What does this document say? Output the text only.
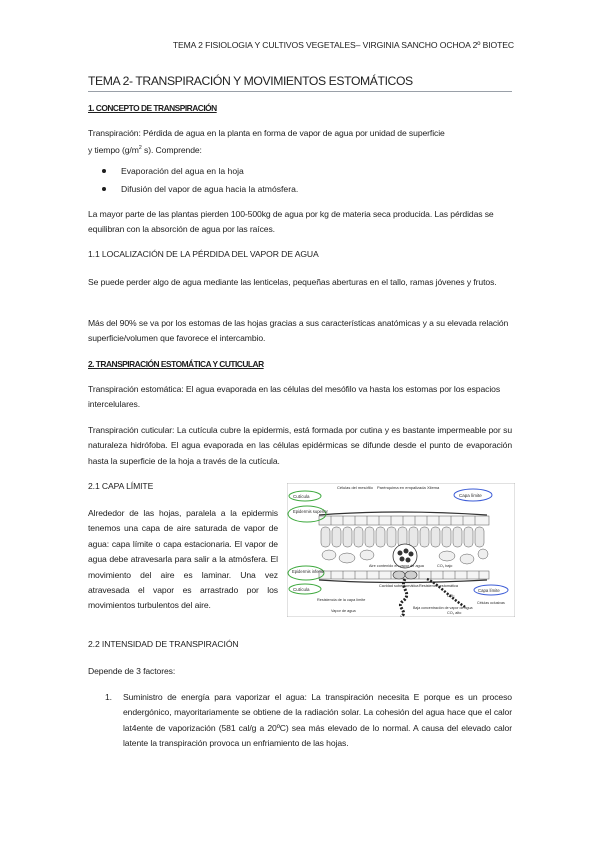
TEMA 2 FISIOLOGIA Y CULTIVOS VEGETALES– VIRGINIA SANCHO OCHOA 2º BIOTEC
TEMA 2- TRANSPIRACIÓN Y MOVIMIENTOS ESTOMÁTICOS
1. CONCEPTO DE TRANSPIRACIÓN
Transpiración: Pérdida de agua en la planta en forma de vapor de agua por unidad de superficie
y tiempo ($g/m^2$ s). Comprende:
Evaporación del agua en la hoja
Difusión del vapor de agua hacia la atmósfera.
La mayor parte de las plantas pierden 100-500kg de agua por kg de materia seca producida. Las pérdidas se equilibran con la absorción de agua por las raíces.
1.1 LOCALIZACIÓN DE LA PÉRDIDA DEL VAPOR DE AGUA
Se puede perder algo de agua mediante las lenticelas, pequeñas aberturas en el tallo, ramas jóvenes y frutos.
Más del 90% se va por los estomas de las hojas gracias a sus características anatómicas y a su elevada relación superficie/volumen que favorece el intercambio.
2. TRANSPIRACIÓN ESTOMÁTICA Y CUTICULAR
Transpiración estomática: El agua evaporada en las células del mesófilo va hasta los estomas por los espacios intercelulares.
Transpiración cuticular: La cutícula cubre la epidermis, está formada por cutina y es bastante impermeable por su naturaleza hidrófoba. El agua evaporada en las células epidérmicas se difunde desde el punto de evaporación hasta la superficie de la hoja a través de la cutícula.
2.1 CAPA LÍMITE
Alrededor de las hojas, paralela a la epidermis tenemos una capa de aire saturada de vapor de agua: capa límite o capa estacionaria. El vapor de agua debe atravesarla para salir a la atmósfera. El movimiento del aire es laminar. Una vez atravesada el vapor es arrastrado por los movimientos turbulentos del aire.
Cutícula
Epidermis superior
Epidermis inferior
Cutícula
Células del mesófilo Parénquima en empalizada Xilema
Capa límite
Aire contenido en vapor de agua	CO₂ bajo
Cavidad subestomática Resistencia estomática
Resistencia de la capa límite
CO₂
Capa límite
Vapor de agua
Baja concentración de vapor de agua
CO₂ alto
Células oclusivas
2.2 INTENSIDAD DE TRANSPIRACIÓN
Depende de 3 factores:
1. Suministro de energía para vaporizar el agua: La transpiración necesita E porque es un proceso endergónico, mayoritariamente se obtiene de la radiación solar. La cohesión del agua hace que el calor lat4ente de vaporización (581 cal/g a 20ºC) sea más elevado de lo normal. A causa del elevado calor latente la transpiración provoca un enfriamiento de las hojas.
